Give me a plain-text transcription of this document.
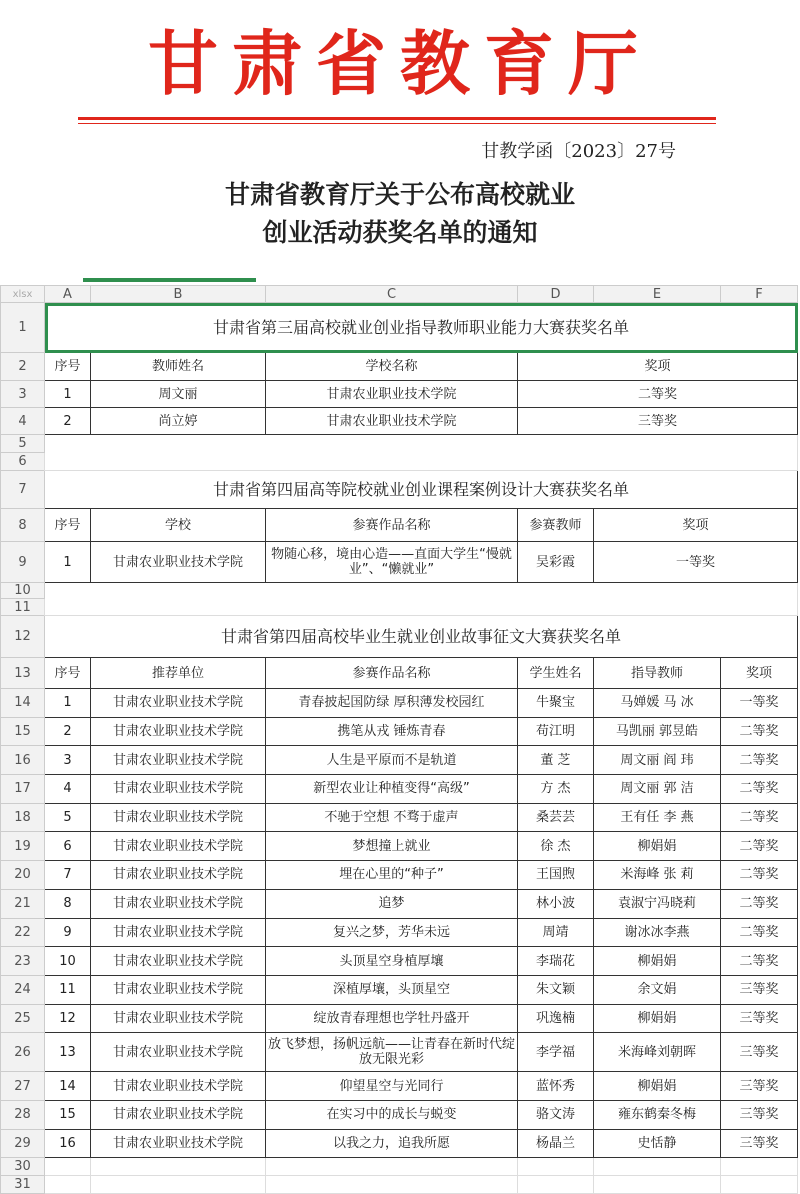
甘肃省教育厅
甘教学函〔2023〕27号
甘肃省教育厅关于公布高校就业
创业活动获奖名单的通知
xlsx	A	B	C	D	E	F
1	甘肃省第三届高校就业创业指导教师职业能力大赛获奖名单					
2	序号	教师姓名	学校名称	奖项		
3	1	周文丽	甘肃农业职业技术学院	二等奖		
4	2	尚立婷	甘肃农业职业技术学院	三等奖		
5						
6						
7	甘肃省第四届高等院校就业创业课程案例设计大赛获奖名单					
8	序号	学校	参赛作品名称	参赛教师	奖项	
9	1	甘肃农业职业技术学院	物随心移，境由心造——直面大学生“慢就业”、“懒就业”	吴彩霞	一等奖	
10						
11						
12	甘肃省第四届高校毕业生就业创业故事征文大赛获奖名单					
13	序号	推荐单位	参赛作品名称	学生姓名	指导教师	奖项
14	1	甘肃农业职业技术学院	青春披起国防绿 厚积薄发校园红	牛聚宝	马婵媛 马 冰	一等奖
15	2	甘肃农业职业技术学院	携笔从戎 锤炼青春	苟江明	马凯丽 郭昱皓	二等奖
16	3	甘肃农业职业技术学院	人生是平原而不是轨道	董 芝	周文丽 阎 玮	二等奖
17	4	甘肃农业职业技术学院	新型农业让种植变得“高级”	方 杰	周文丽 郭 洁	二等奖
18	5	甘肃农业职业技术学院	不驰于空想 不骛于虚声	桑芸芸	王有任 李 燕	二等奖
19	6	甘肃农业职业技术学院	梦想撞上就业	徐 杰	柳娟娟	二等奖
20	7	甘肃农业职业技术学院	埋在心里的“种子”	王国煦	米海峰 张 莉	二等奖
21	8	甘肃农业职业技术学院	追梦	林小波	袁淑宁冯晓莉	二等奖
22	9	甘肃农业职业技术学院	复兴之梦，芳华未远	周靖	谢冰冰李燕	二等奖
23	10	甘肃农业职业技术学院	头顶星空身植厚壤	李瑞花	柳娟娟	二等奖
24	11	甘肃农业职业技术学院	深植厚壤，头顶星空	朱文颖	余文娟	三等奖
25	12	甘肃农业职业技术学院	绽放青春理想也学牡丹盛开	巩逸楠	柳娟娟	三等奖
26	13	甘肃农业职业技术学院	放飞梦想，扬帆远航——让青春在新时代绽放无限光彩	李学福	米海峰刘朝晖	三等奖
27	14	甘肃农业职业技术学院	仰望星空与光同行	蓝怀秀	柳娟娟	三等奖
28	15	甘肃农业职业技术学院	在实习中的成长与蜕变	骆文涛	雍东鹤秦冬梅	三等奖
29	16	甘肃农业职业技术学院	以我之力，追我所愿	杨晶兰	史恬静	三等奖
30						
31						
